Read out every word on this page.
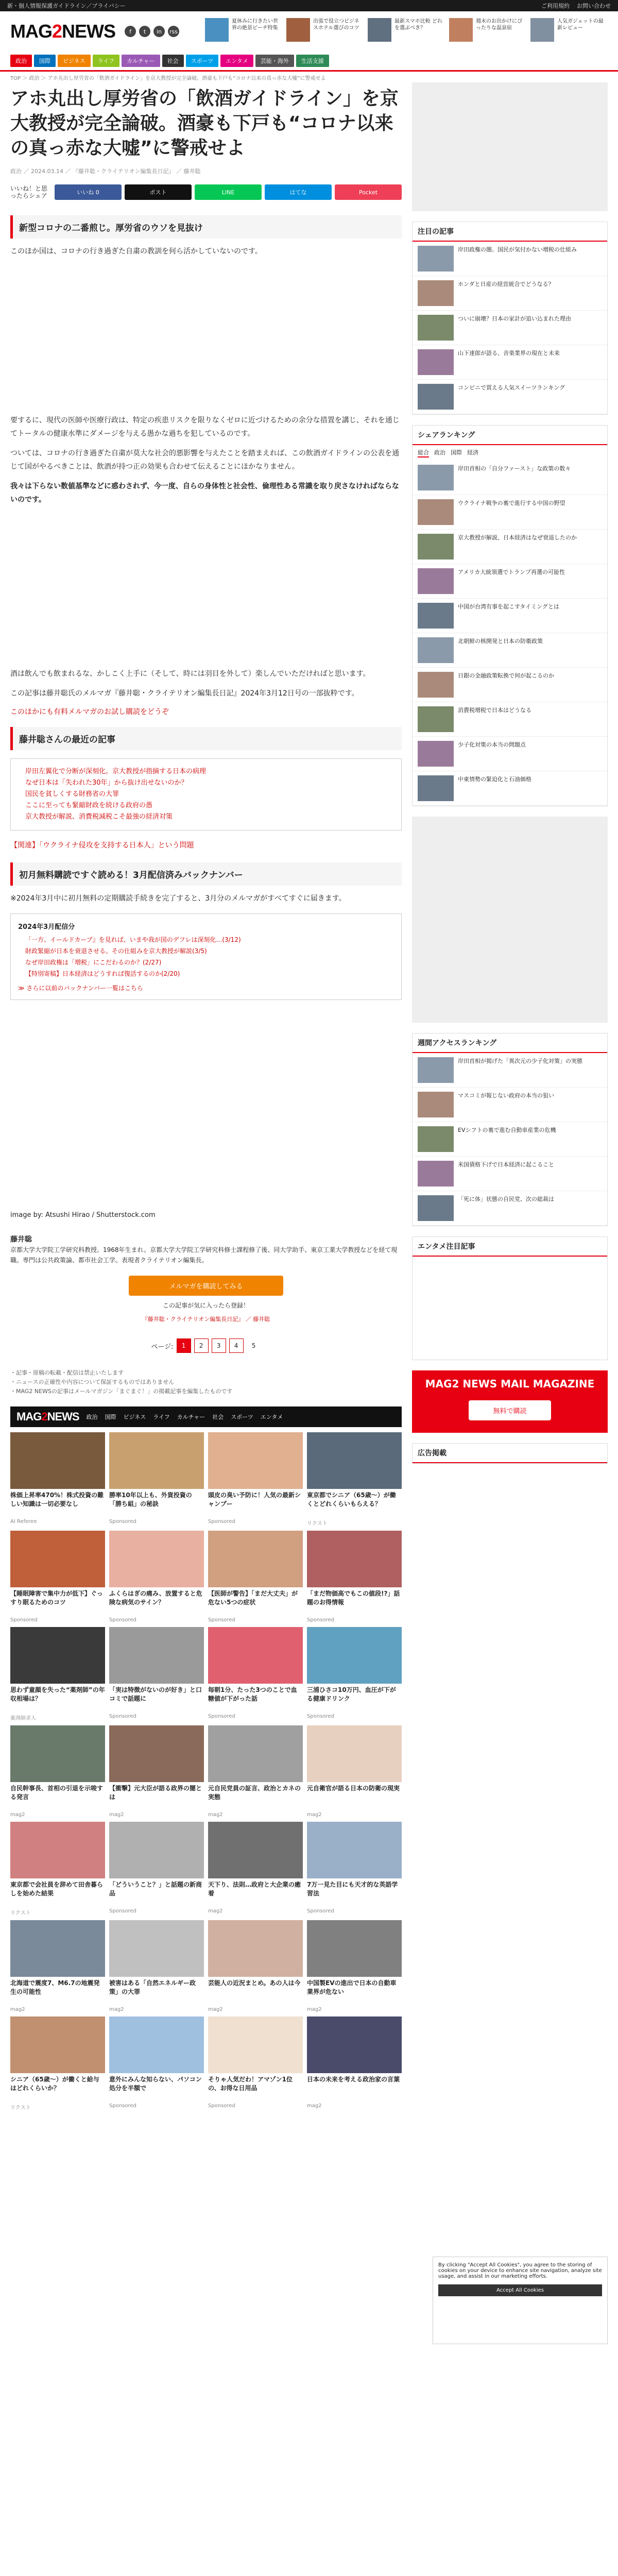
新・個人情報保護ガイドライン／プライバシー	ご利用規約 お問い合わせ
MAG2NEWS	f	t	in	rss
夏休みに行きたい世界の絶景ビーチ特集
出張で役立つビジネスホテル選びのコツ
最新スマホ比較 どれを選ぶべき？
週末のお出かけにぴったりな温泉宿
人気ガジェットの最新レビュー
政治	国際	ビジネス	ライフ	カルチャー	社会	スポーツ	エンタメ	芸能・海外	生活支援
TOP ＞ 政治 ＞ アホ丸出し厚労省の「飲酒ガイドライン」を京大教授が完全論破。酒豪も下戸も“コロナ以来の真っ赤な大嘘”に警戒せよ
アホ丸出し厚労省の「飲酒ガイドライン」を京大教授が完全論破。酒豪も下戸も“コロナ以来の真っ赤な大嘘”に警戒せよ
政治 ／ 2024.03.14 ／ 『藤井聡・クライテリオン編集長日記』 ／ 藤井聡
いいね！と思ったらシェア	いいね 0	ポスト	LINE	はてな	Pocket
新型コロナの二番煎じ。厚労省のウソを見抜け

このほか国は、コロナの行き過ぎた自粛の教訓を何ら活かしていないのです。

要するに、現代の医師や医療行政は、特定の疾患リスクを限りなくゼロに近づけるための余分な措置を講じ、それを通じてトータルの健康水準にダメージを与える愚かな過ちを犯しているのです。

ついては、コロナの行き過ぎた自粛が莫大な社会的悪影響を与えたことを踏まえれば、この飲酒ガイドラインの公表を通じて国がやるべきことは、飲酒が持つ正の効果も合わせて伝えることにほかなりません。

我々は下らない数値基準などに惑わされず、今一度、自らの身体性と社会性、倫理性ある常識を取り戻さなければならないのです。

酒は飲んでも飲まれるな、かしこく上手に（そして、時には羽目を外して）楽しんでいただければと思います。

この記事は藤井聡氏のメルマガ『藤井聡・クライテリオン編集長日記』2024年3月12日号の一部抜粋です。

このほかにも有料メルマガのお試し購読をどうぞ
藤井聡さんの最近の記事
岸田左翼化で分断が深刻化。京大教授が指摘する日本の病理
なぜ日本は「失われた30年」から抜け出せないのか？
国民を貧しくする財務省の大罪
ここに至っても緊縮財政を続ける政府の愚
京大教授が解説、消費税減税こそ最強の経済対策

【関連】「ウクライナ侵攻を支持する日本人」という問題

初月無料購読ですぐ読める！3月配信済みバックナンバー

※2024年3月中に初月無料の定期購読手続きを完了すると、3月分のメルマガがすべてすぐに届きます。

2024年3月配信分
「一方、イールドカーブ』を見れば、いまや我が国のデフレは深刻化…(3/12)
財政緊縮が日本を衰退させる。その仕組みを京大教授が解説(3/5)
なぜ岸田政権は「増税」にこだわるのか？(2/27)
【特別寄稿】日本経済はどうすれば復活するのか(2/20)
≫ さらに以前のバックナンバー一覧はこちら
image by: Atsushi Hirao / Shutterstock.com
藤井聡
京都大学大学院工学研究科教授。1968年生まれ。京都大学大学院工学研究科修士課程修了後、同大学助手、東京工業大学教授などを経て現職。専門は公共政策論、都市社会工学。表現者クライテリオン編集長。
メルマガを購読してみる
この記事が気に入ったら登録！
『藤井聡・クライテリオン編集長日記』 ／ 藤井聡
ページ:	1	2	3	4	5
・記事・原稿の転載・配信は禁止いたします
・ニュースの正確性や内容について保証するものではありません
・MAG2 NEWSの記事はメールマガジン「まぐまぐ！」の掲載記事を編集したものです
MAG2NEWS 政治 国際 ビジネス ライフ カルチャー 社会 スポーツ エンタメ
株価上昇率470%！株式投資の難しい知識は一切必要なし
AI Referee
勝率10年以上も、外貨投資の「勝ち組」の秘訣
Sponsored
頭皮の臭い予防に！人気の最新シャンプー
Sponsored
東京都でシニア（65歳～）が働くとどれくらいもらえる？
リクスト
【睡眠障害で集中力が低下】ぐっすり眠るためのコツ
Sponsored
ふくらはぎの痛み、放置すると危険な病気のサイン？
Sponsored
【医師が警告】「まだ大丈夫」が危ない5つの症状
Sponsored
「まだ物価高でもこの値段!?」話題のお得情報
Sponsored
思わず童顔を失った“薬剤師”の年収相場は？
薬剤師求人
「実は特徴がないのが好き」と口コミで話題に
Sponsored
毎朝1分、たった3つのことで血糖値が下がった話
Sponsored
三浦ひさコ10万円、血圧が下がる健康ドリンク
Sponsored
自民幹事長、首相の引退を示唆する発言
mag2
【衝撃】元大臣が語る政界の闇とは
mag2
元自民党員の証言、政治とカネの実態
mag2
元自衛官が語る日本の防衛の現実
mag2
東京都で会社員を辞めて田舎暮らしを始めた結果
リクスト
「どういうこと？」と話題の新商品
Sponsored
天下り、法則…政府と大企業の癒着
mag2
7万一見た目にも天才的な英語学習法
Sponsored
北海道で震度7、M6.7の地震発生の可能性
mag2
被害はある「自然エネルギー政策」の大罪
mag2
芸能人の近況まとめ。あの人は今
mag2
中国製EVの進出で日本の自動車業界が危ない
mag2
シニア（65歳～）が働くと給与はどれくらいか？
リクスト
意外にみんな知らない、パソコン処分を半額で
Sponsored
そりゃ人気だわ！アマゾン1位の、お得な日用品
Sponsored
日本の未来を考える政治家の言葉
mag2
注目の記事
岸田政権の闇。国民が気付かない増税の仕組み
ホンダと日産の経営統合でどうなる？
ついに崩壊？日本の家計が追い込まれた理由
山下達郎が語る、音楽業界の現在と未来
コンビニで買える人気スイーツランキング
シェアランキング
総合 政治 国際 経済
岸田首相の「自分ファースト」な政策の数々
ウクライナ戦争の裏で進行する中国の野望
京大教授が解説、日本経済はなぜ衰退したのか
アメリカ大統領選でトランプ再選の可能性
中国が台湾有事を起こすタイミングとは
北朝鮮の核開発と日本の防衛政策
日銀の金融政策転換で何が起こるのか
消費税増税で日本はどうなる
少子化対策の本当の問題点
中東情勢の緊迫化と石油価格
週間アクセスランキング
岸田首相が掲げた「異次元の少子化対策」の実態
マスコミが報じない政府の本当の狙い
EVシフトの裏で進む自動車産業の危機
米国債格下げで日本経済に起こること
「死に体」状態の自民党、次の総裁は
エンタメ注目記事
MAG2 NEWS MAIL MAGAZINE
無料で購読
広告掲載
By clicking "Accept All Cookies", you agree to the storing of cookies on your device to enhance site navigation, analyze site usage, and assist in our marketing efforts.
Accept All Cookies
